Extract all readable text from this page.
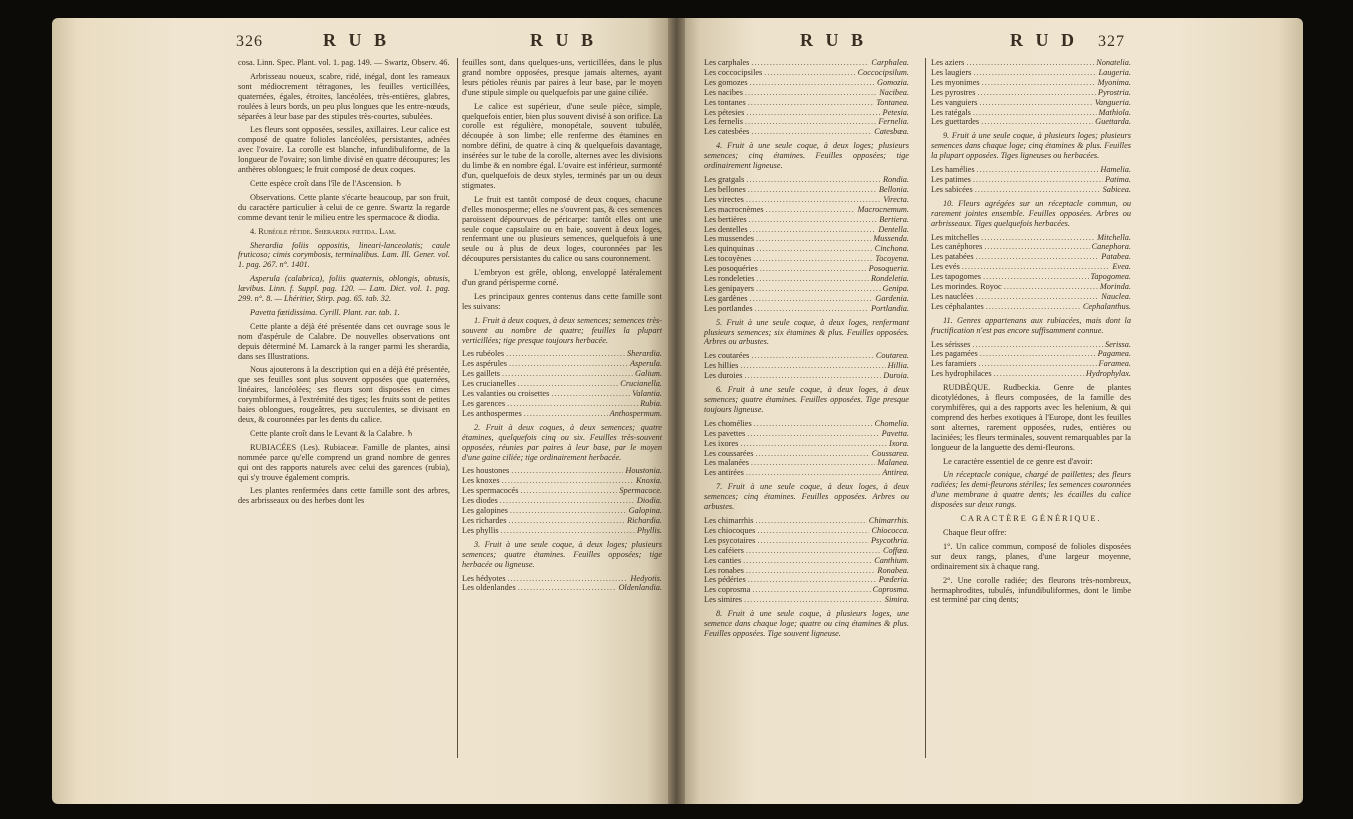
326	R U B	R U B	R U B	R U D 327

cosa. Linn. Spec. Plant. vol. 1. pag. 149. — Swartz, Observ. 46.

Arbrisseau noueux, scabre, ridé, inégal, dont les rameaux sont médiocrement tétragones, les feuilles verticillées, quaternées, égales, étroites, lancéolées, très-entières, glabres, roulées à leurs bords, un peu plus longues que les entre-nœuds, séparées à leur base par des stipules très-courtes, subulées.

Les fleurs sont opposées, sessiles, axillaires. Leur calice est composé de quatre folioles lancéolées, persistantes, adnées avec l'ovaire. La corolle est blanche, infundibuliforme, de la longueur de l'ovaire; son limbe divisé en quatre découpures; les anthères oblongues; le fruit composé de deux coques.

Cette espèce croît dans l'île de l'Ascension. ♄

Observations. Cette plante s'écarte beaucoup, par son fruit, du caractère particulier à celui de ce genre. Swartz la regarde comme devant tenir le milieu entre les spermacoce & diodia.

4. Rubéole fétide. Sherardia fœtida. Lam.

Sherardia foliis oppositis, lineari-lanceolatis; caule fruticoso; cimis corymbosis, terminalibus. Lam. Ill. Gener. vol. 1. pag. 267. n°. 1401.

Asperula (calabrica), foliis quaternis, oblongis, obtusis, lævibus. Linn. f. Suppl. pag. 120. — Lam. Dict. vol. 1. pag. 299. n°. 8. — Lhéritier, Stirp. pag. 65. tab. 32.

Pavetta fœtidissima. Cyrill. Plant. rar. tab. 1.

Cette plante a déjà été présentée dans cet ouvrage sous le nom d'aspérule de Calabre. De nouvelles observations ont depuis déterminé M. Lamarck à la ranger parmi les sherardia, dans ses Illustrations.

Nous ajouterons à la description qui en a déjà été présentée, que ses feuilles sont plus souvent opposées que quaternées, linéaires, lancéolées; ses fleurs sont disposées en cimes corymbiformes, à l'extrémité des tiges; les fruits sont de petites baies oblongues, rougeâtres, peu succulentes, se divisant en deux, & couronnées par les dents du calice.

Cette plante croît dans le Levant & la Calabre. ♄

RUBIACÉES (Les). Rubiaceæ. Famille de plantes, ainsi nommée parce qu'elle comprend un grand nombre de genres qui ont des rapports naturels avec celui des garences (rubia), qui s'y trouve également compris.

Les plantes renfermées dans cette famille sont des arbres, des arbrisseaux ou des herbes dont les

feuilles sont, dans quelques-uns, verticillées, dans le plus grand nombre opposées, presque jamais alternes, ayant leurs pétioles réunis par paires à leur base, par le moyen d'une stipule simple ou quelquefois par une gaine ciliée.

Le calice est supérieur, d'une seule pièce, simple, quelquefois entier, bien plus souvent divisé à son orifice. La corolle est régulière, monopétale, souvent tubulée, découpée à son limbe; elle renferme des étamines en nombre défini, de quatre à cinq & quelquefois davantage, insérées sur le tube de la corolle, alternes avec les divisions du limbe & en nombre égal. L'ovaire est inférieur, surmonté d'un, quelquefois de deux styles, terminés par un ou deux stigmates.

Le fruit est tantôt composé de deux coques, chacune d'elles monosperme; elles ne s'ouvrent pas, & ces semences paroissent dépourvues de péricarpe: tantôt elles ont une seule coque capsulaire ou en baie, souvent à deux loges, renfermant une ou plusieurs semences, quelquefois à une seule ou à plus de deux loges, couronnées par les découpures persistantes du calice ou sans couronnement.

L'embryon est grêle, oblong, enveloppé latéralement d'un grand périsperme corné.

Les principaux genres contenus dans cette famille sont les suivans:

1. Fruit à deux coques, à deux semences; semences très-souvent au nombre de quatre; feuilles la plupart verticillées; tige presque toujours herbacée.

Les rubéoles .....	Sherardia.
Les aspérules .....	Asperula.
Les gaillets .....	Galium.
Les crucianelles .....	Crucianella.
Les valanties ou croisettes .....	Valantia.
Les garences .....	Rubia.
Les anthospermes .....	Anthospermum.

2. Fruit à deux coques, à deux semences; quatre étamines, quelquefois cinq ou six. Feuilles très-souvent opposées, réunies par paires à leur base, par le moyen d'une gaine ciliée; tige ordinairement herbacée.

Les houstones .....	Houstonia.
Les knoxes .....	Knoxia.
Les spermacocés .....	Spermacoce.
Les diodes .....	Diodia.
Les galopines .....	Galopina.
Les richardes .....	Richardia.
Les phyllis .....	Phyllis.

3. Fruit à une seule coque, à deux loges; plusieurs semences; quatre étamines. Feuilles opposées; tige herbacée ou ligneuse.

Les hédyotes .....	Hedyotis.
Les oldenlandes .....	Oldenlandia.
Les carphales .....	Carphalea.
Les coccocipsiles .....	Coccocipsilum.
Les gomozes .....	Gomozia.
Les nacibes .....	Nacibea.
Les tontanes .....	Tontanea.
Les pétesies .....	Petesia.
Les fernelis .....	Fernelia.
Les catesbées .....	Catesbæa.

4. Fruit à une seule coque, à deux loges; plusieurs semences; cinq étamines. Feuilles opposées; tige ordinairement ligneuse.

Les gratgals .....	Rondia.
Les bellones .....	Bellonia.
Les virectes .....	Virecta.
Les macrocnèmes .....	Macrocnemum.
Les bertières .....	Bertiera.
Les dentelles .....	Dentella.
Les mussendes .....	Mussenda.
Les quinquinas .....	Cinchona.
Les tocoyènes .....	Tocoyena.
Les posoquéries .....	Posoqueria.
Les rondeleties .....	Rondeletia.
Les genipayers .....	Genipa.
Les gardènes .....	Gardenia.
Les portlandes .....	Portlandia.

5. Fruit à une seule coque, à deux loges, renfermant plusieurs semences; six étamines & plus. Feuilles opposées. Arbres ou arbustes.

Les coutarées .....	Coutarea.
Les hillies .....	Hillia.
Les duroies .....	Duroia.

6. Fruit à une seule coque, à deux loges, à deux semences; quatre étamines. Feuilles opposées. Tige presque toujours ligneuse.

Les chomélies .....	Chomelia.
Les pavettes .....	Pavetta.
Les ixores .....	Ixora.
Les coussarées .....	Coussarea.
Les malanées .....	Malanea.
Les antirées .....	Antirea.

7. Fruit à une seule coque, à deux loges, à deux semences; cinq étamines. Feuilles opposées. Arbres ou arbustes.

Les chimarrhis .....	Chimarrhis.
Les chiocoques .....	Chiococca.
Les psycotaires .....	Psycothria.
Les caféiers .....	Coffæa.
Les canties .....	Canthium.
Les ronabes .....	Ronabea.
Les pédéries .....	Pæderia.
Les coprosma .....	Coprosma.
Les simires .....	Simira.

8. Fruit à une seule coque, à plusieurs loges, une semence dans chaque loge; quatre ou cinq étamines & plus. Feuilles opposées. Tige souvent ligneuse.

Les aziers .....	Nonatelia.
Les laugiers .....	Laugeria.
Les myonimes .....	Myonima.
Les pyrostres .....	Pyrostria.
Les vanguiers .....	Vangueria.
Les ratégals .....	Mathiola.
Les guettardes .....	Guettarda.

9. Fruit à une seule coque, à plusieurs loges; plusieurs semences dans chaque loge; cinq étamines & plus. Feuilles la plupart opposées. Tiges ligneuses ou herbacées.

Les hamélies .....	Hamelia.
Les patimes .....	Patima.
Les sabicées .....	Sabicea.

10. Fleurs agrégées sur un réceptacle commun, ou rarement jointes ensemble. Feuilles opposées. Arbres ou arbrisseaux. Tiges quelquefois herbacées.

Les mitchelles .....	Mitchella.
Les canéphores .....	Canephora.
Les patabées .....	Patabea.
Les evés .....	Evea.
Les tapogomes .....	Tapogomea.
Les morindes. Royoc .....	Morinda.
Les nauclées .....	Nauclea.
Les céphalantes .....	Cephalanthus.

11. Genres appartenans aux rubiacées, mais dont la fructification n'est pas encore suffisamment connue.

Les sérisses .....	Serissa.
Les pagamées .....	Pagamea.
Les faramiers .....	Faramea.
Les hydrophilaces .....	Hydrophylax.

RUDBÈQUE. Rudbeckia. Genre de plantes dicotylédones, à fleurs composées, de la famille des corymbifères, qui a des rapports avec les helenium, & qui comprend des herbes exotiques à l'Europe, dont les feuilles sont alternes, rarement opposées, rudes, entières ou laciniées; les fleurs terminales, souvent remarquables par la longueur de la languette des demi-fleurons.

Le caractère essentiel de ce genre est d'avoir:

Un réceptacle conique, chargé de paillettes; des fleurs radiées; les demi-fleurons stériles; les semences couronnées d'une membrane à quatre dents; les écailles du calice disposées sur deux rangs.

CARACTÈRE GÉNÉRIQUE.

Chaque fleur offre:

1°. Un calice commun, composé de folioles disposées sur deux rangs, planes, d'une largeur moyenne, ordinairement six à chaque rang.

2°. Une corolle radiée; des fleurons très-nombreux, hermaphrodites, tubulés, infundibuliformes, dont le limbe est terminé par cinq dents;
